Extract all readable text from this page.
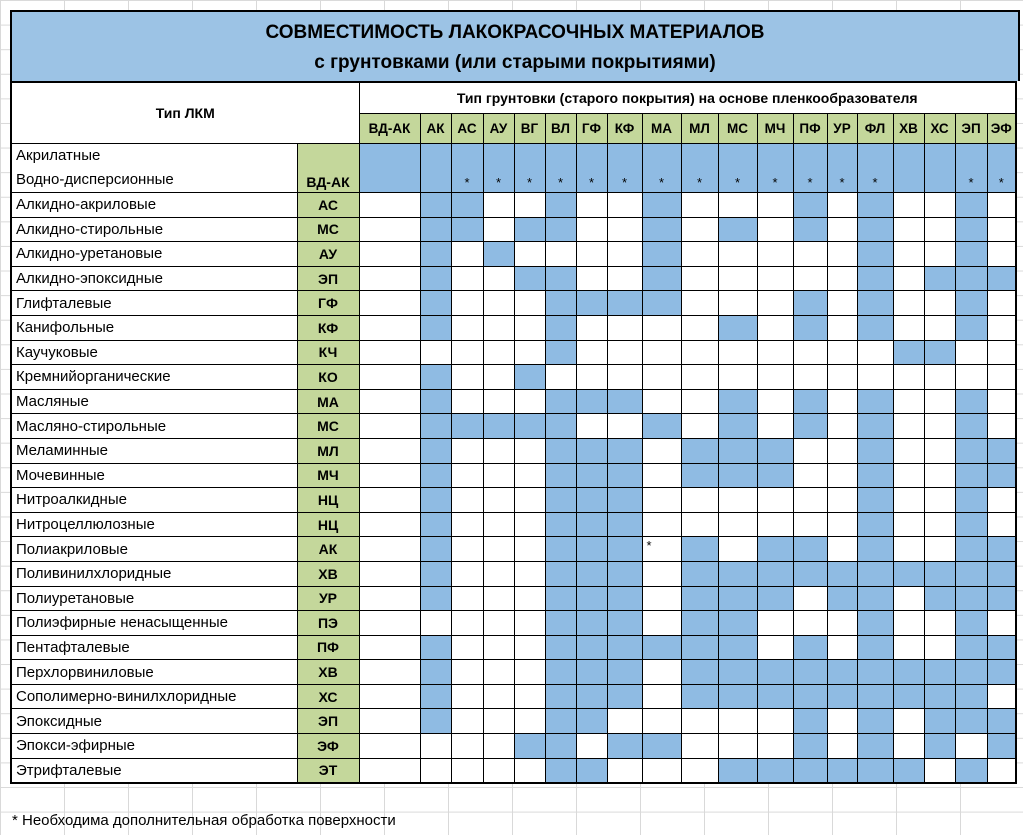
СОВМЕСТИМОСТЬ ЛАКОКРАСОЧНЫХ МАТЕРИАЛОВ
с грунтовками (или старыми покрытиями)
Тип ЛКМ		Тип грунтовки (старого покрытия) на основе пленкообразователя																		
		ВД-АК	АК	АС	АУ	ВГ	ВЛ	ГФ	КФ	МА	МЛ	МС	МЧ	ПФ	УР	ФЛ	ХВ	ХС	ЭП	ЭФ

Акрилатные
Водно-дисперсионные	ВД-АК			*	*	*	*	*	*	*	*	*	*	*	*	*			*	*
Алкидно-акриловые	АС																			
Алкидно-стирольные	МС																			
Алкидно-уретановые	АУ																			
Алкидно-эпоксидные	ЭП																			
Глифталевые	ГФ																			
Канифольные	КФ																			
Каучуковые	КЧ																			
Кремнийорганические	КО																			
Масляные	МА																			
Масляно-стирольные	МС																			
Меламинные	МЛ																			
Мочевинные	МЧ																			
Нитроалкидные	НЦ																			
Нитроцеллюлозные	НЦ																			
Полиакриловые	АК									*										
Поливинилхлоридные	ХВ																			
Полиуретановые	УР																			
Полиэфирные ненасыщенные	ПЭ																			
Пентафталевые	ПФ																			
Перхлорвиниловые	ХВ																			
Сополимерно-винилхлоридные	ХС																			
Эпоксидные	ЭП																			
Эпокси-эфирные	ЭФ																			
Этрифталевые	ЭТ																			
* Необходима дополнительная обработка поверхности
